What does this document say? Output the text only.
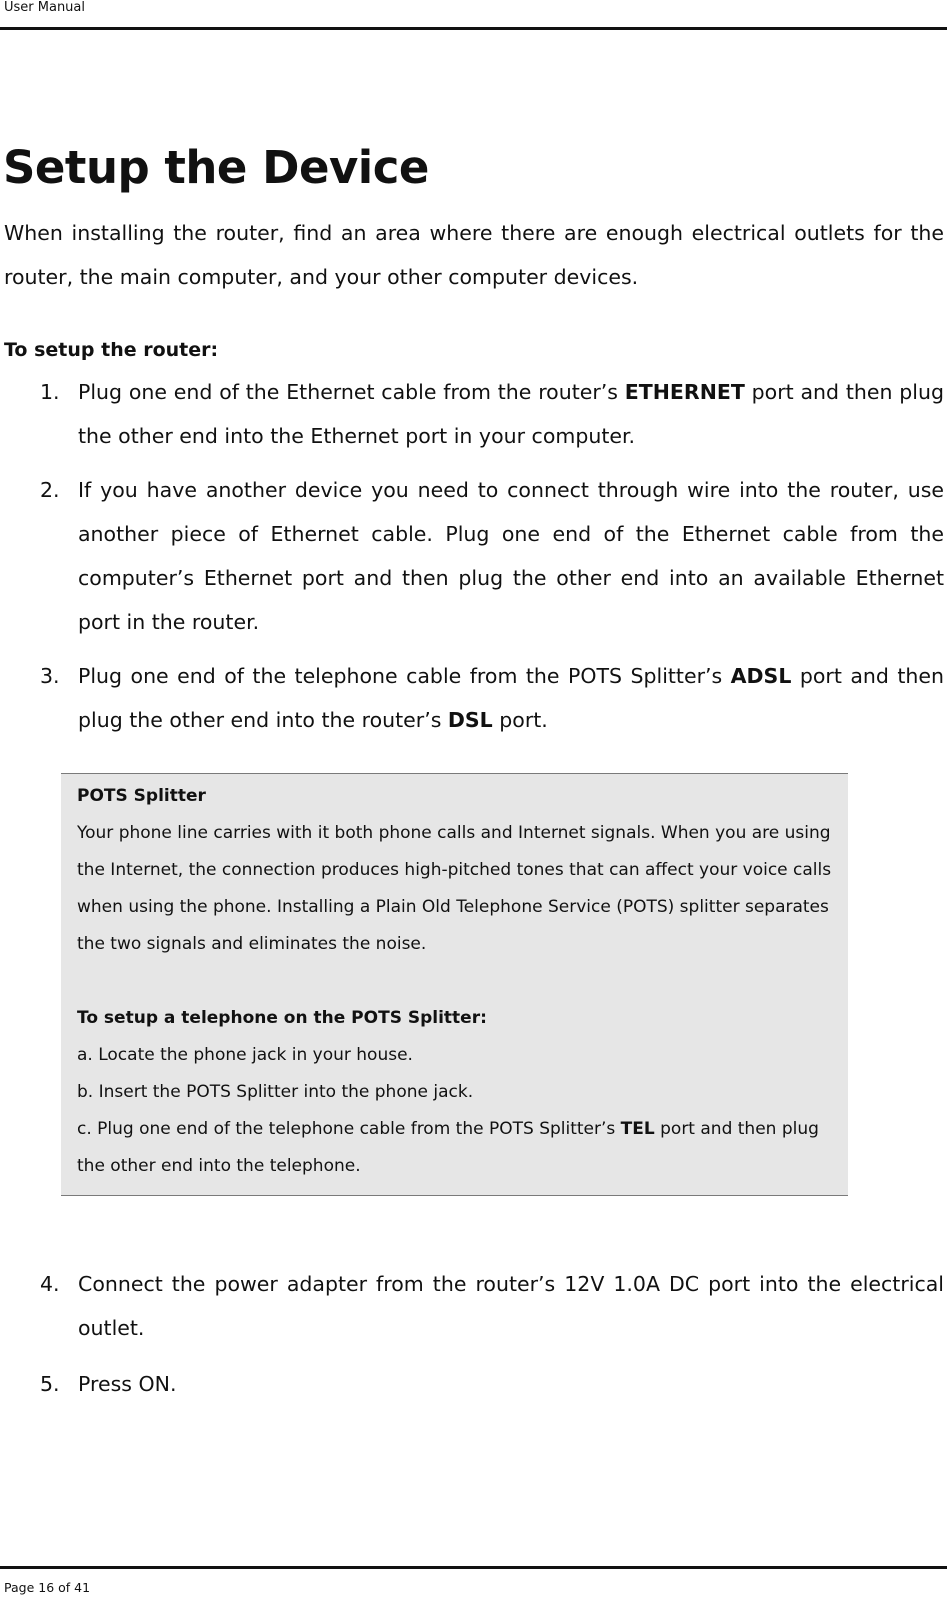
User Manual
Setup the Device

When installing the router, find an area where there are enough electrical outlets for the router, the main computer, and your other computer devices.

To setup the router:

1. Plug one end of the Ethernet cable from the router’s ETHERNET port and then plug the other end into the Ethernet port in your computer.

2. If you have another device you need to connect through wire into the router, use another piece of Ethernet cable. Plug one end of the Ethernet cable from the computer’s Ethernet port and then plug the other end into an available Ethernet port in the router.

3. Plug one end of the telephone cable from the POTS Splitter’s ADSL port and then plug the other end into the router’s DSL port.

POTS Splitter

Your phone line carries with it both phone calls and Internet signals. When you are using the Internet, the connection produces high-pitched tones that can affect your voice calls when using the phone. Installing a Plain Old Telephone Service (POTS) splitter separates the two signals and eliminates the noise.

To setup a telephone on the POTS Splitter:

a. Locate the phone jack in your house.

b. Insert the POTS Splitter into the phone jack.

c. Plug one end of the telephone cable from the POTS Splitter’s TEL port and then plug the other end into the telephone.

4. Connect the power adapter from the router’s 12V 1.0A DC port into the electrical outlet.

5. Press ON.

Page 16 of 41
